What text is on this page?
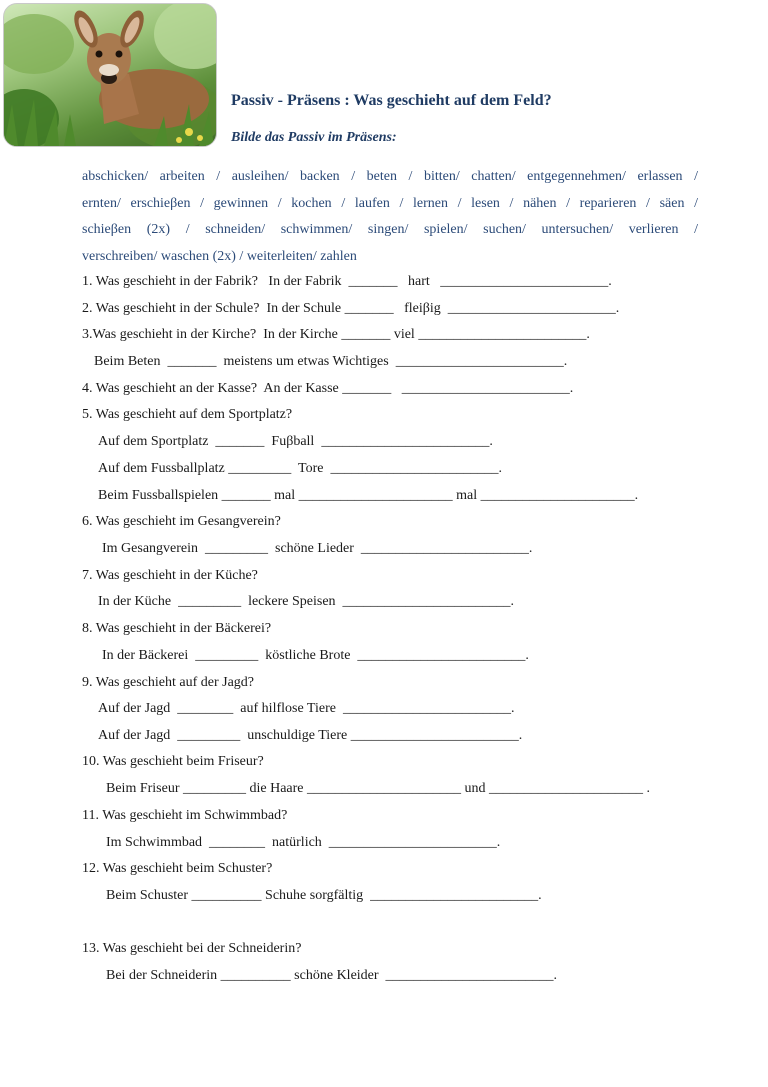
Passiv - Präsens : Was geschieht auf dem Feld?
Bilde das Passiv im Präsens:
abschicken/ arbeiten / ausleihen/ backen / beten / bitten/ chatten/ entgegennehmen/ erlassen /
ernten/ erschieβen / gewinnen / kochen / laufen / lernen / lesen / nähen / reparieren / säen /
schieβen (2x) / schneiden/ schwimmen/ singen/ spielen/ suchen/ untersuchen/ verlieren /
verschreiben/ waschen (2x) / weiterleiten/ zahlen
1. Was geschieht in der Fabrik?   In der Fabrik  _______   hart   ________________________.
2. Was geschieht in der Schule?  In der Schule _______   fleiβig  ________________________.
3.Was geschieht in der Kirche?  In der Kirche _______ viel ________________________.
Beim Beten  _______  meistens um etwas Wichtiges  ________________________.
4. Was geschieht an der Kasse?  An der Kasse _______   ________________________.
5. Was geschieht auf dem Sportplatz?
Auf dem Sportplatz  _______  Fuβball  ________________________.
Auf dem Fussballplatz _________  Tore  ________________________.
Beim Fussballspielen _______ mal ______________________ mal ______________________.
6. Was geschieht im Gesangverein?
Im Gesangverein  _________  schöne Lieder  ________________________.
7. Was geschieht in der Küche?
In der Küche  _________  leckere Speisen  ________________________.
8. Was geschieht in der Bäckerei?
In der Bäckerei  _________  köstliche Brote  ________________________.
9. Was geschieht auf der Jagd?
Auf der Jagd  ________  auf hilflose Tiere  ________________________.
Auf der Jagd  _________  unschuldige Tiere ________________________.
10. Was geschieht beim Friseur?
Beim Friseur _________ die Haare ______________________ und ______________________ .
11. Was geschieht im Schwimmbad?
Im Schwimmbad  ________  natürlich  ________________________.
12. Was geschieht beim Schuster?
Beim Schuster __________ Schuhe sorgfältig  ________________________.
13. Was geschieht bei der Schneiderin?
Bei der Schneiderin __________ schöne Kleider  ________________________.
